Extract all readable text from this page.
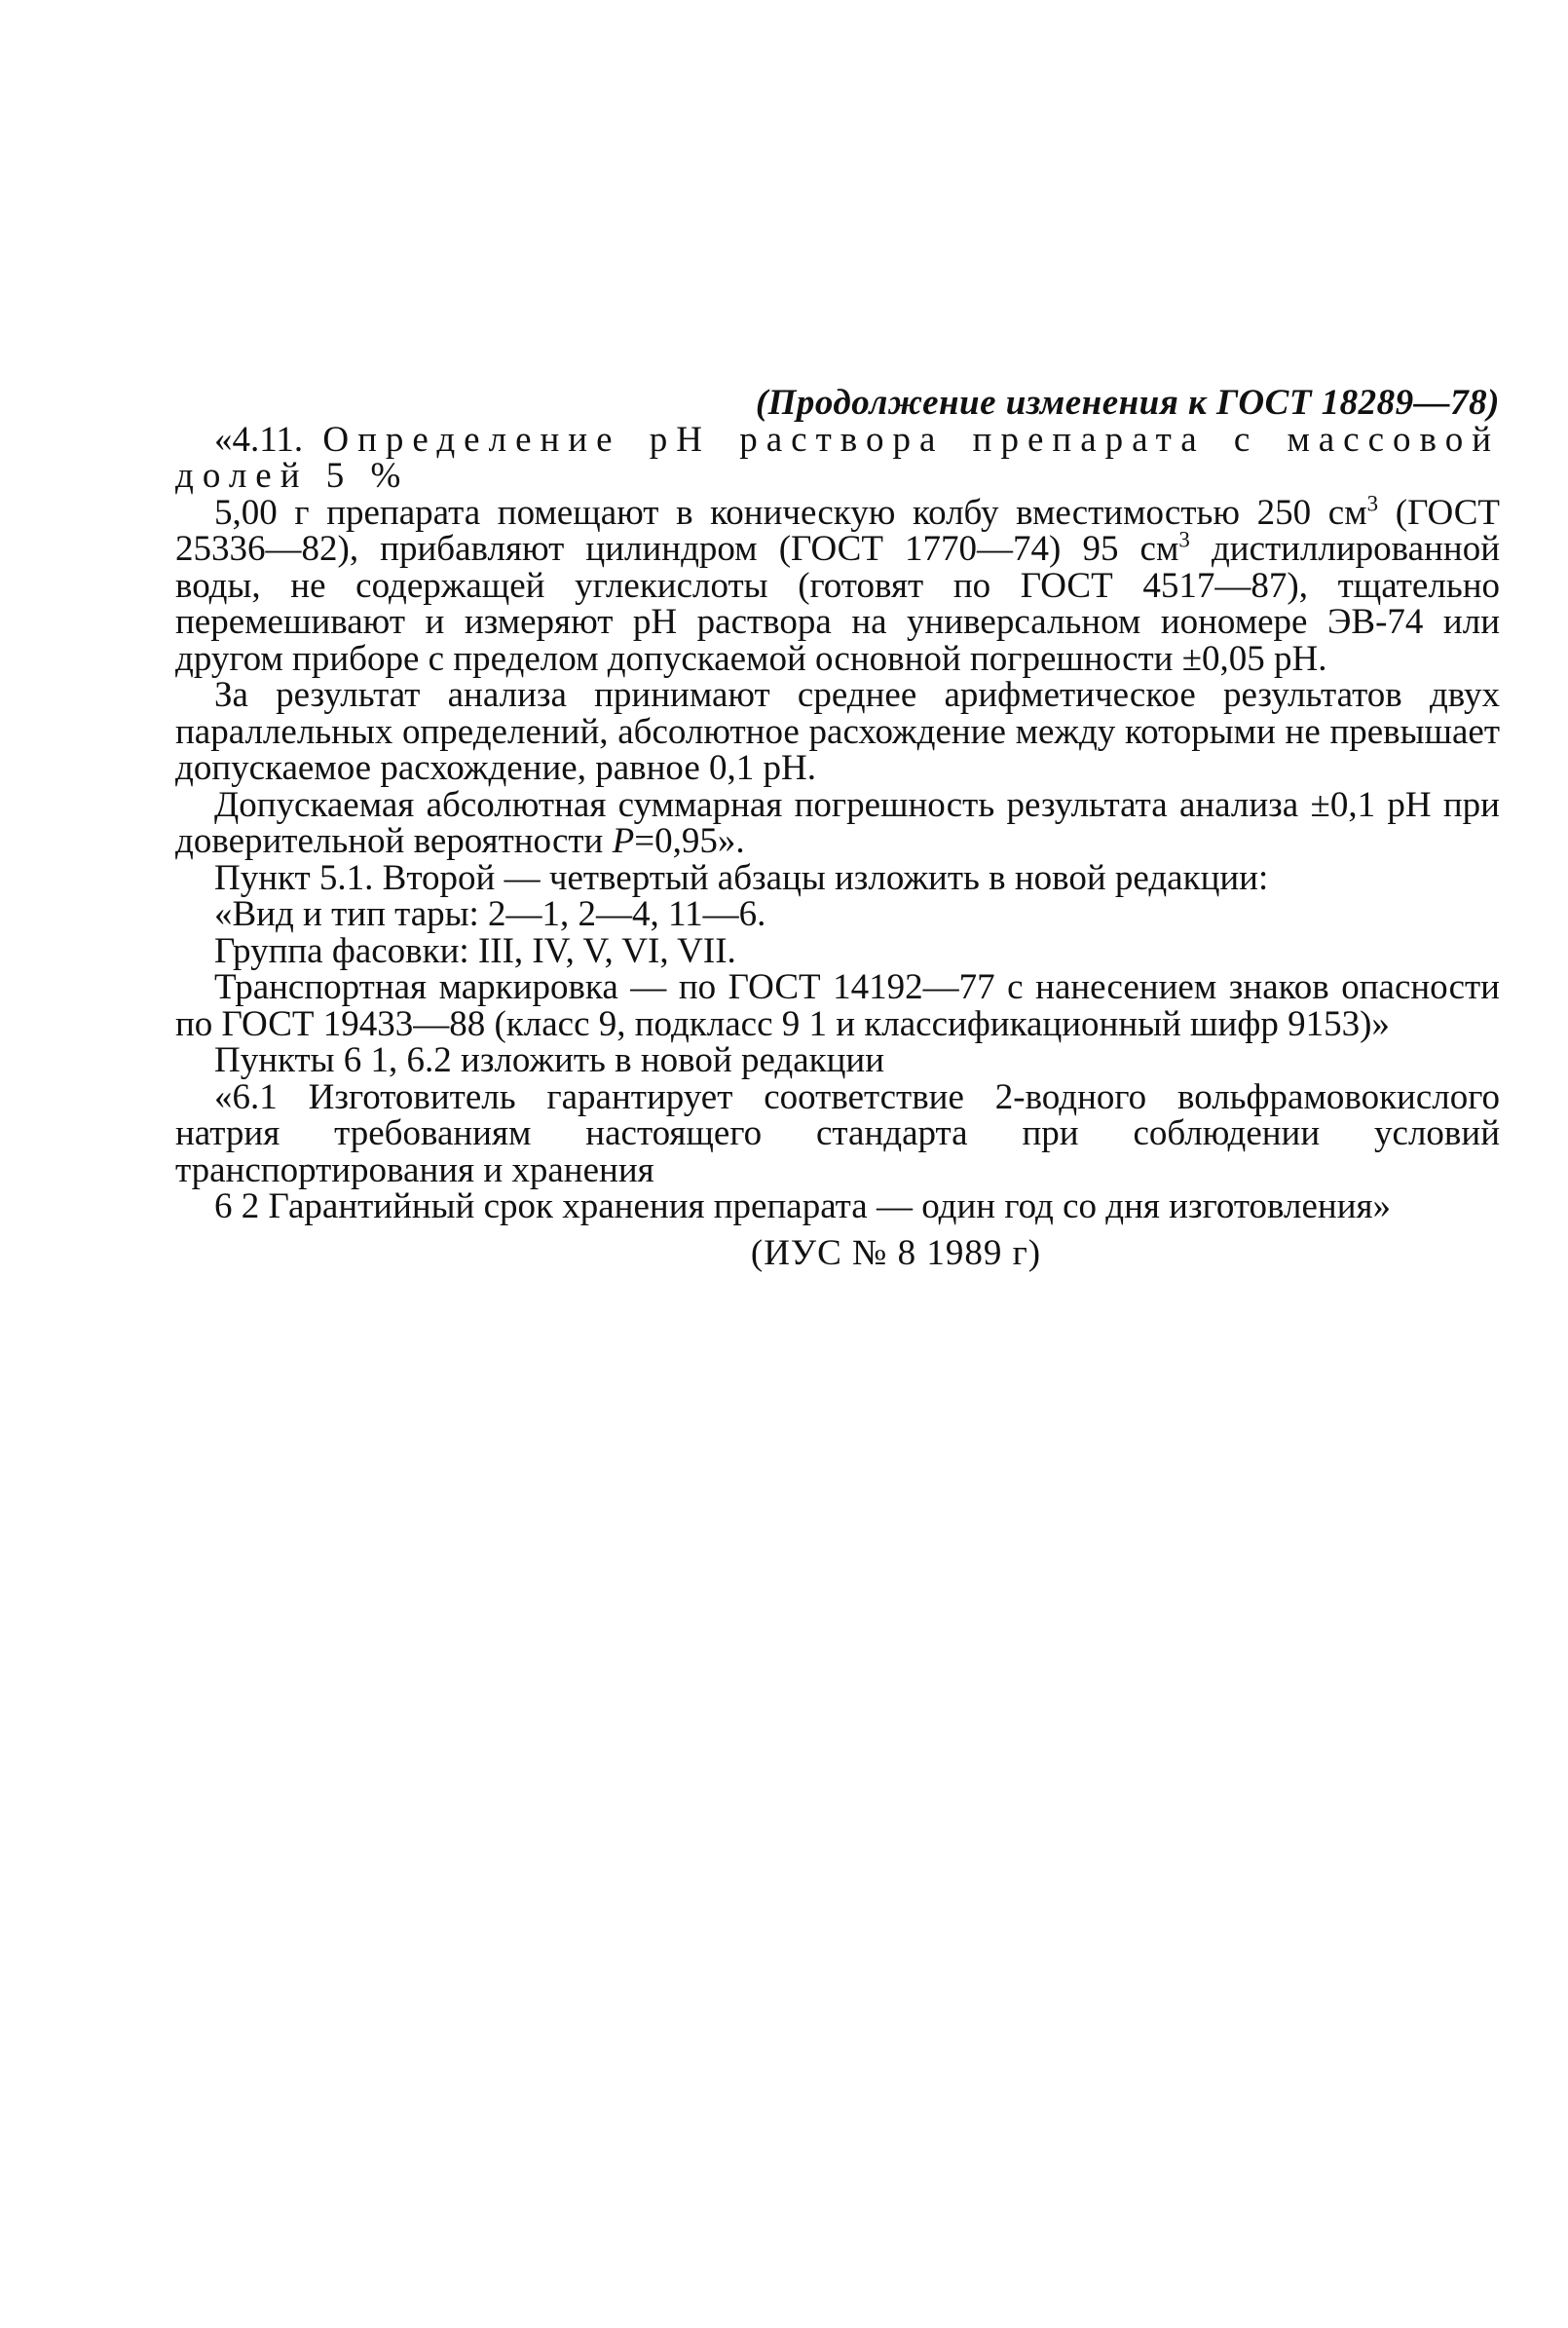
(Продолжение изменения к ГОСТ 18289—78)

«4.11. Определение pH раствора препарата с массовой долей 5 %

5,00 г препарата помещают в коническую колбу вместимостью 250 $см^3$ (ГОСТ 25336—82), прибавляют цилиндром (ГОСТ 1770—74) 95 $см^3$ дистиллированной воды, не содержащей углекислоты (готовят по ГОСТ 4517—87), тщательно перемешивают и измеряют pH раствора на универсальном иономере ЭВ-74 или другом приборе с пределом допускаемой основной погрешности ±0,05 pH.

За результат анализа принимают среднее арифметическое результатов двух параллельных определений, абсолютное расхождение между которыми не превышает допускаемое расхождение, равное 0,1 pH.

Допускаемая абсолютная суммарная погрешность результата анализа ±0,1 pH при доверительной вероятности P=0,95».

Пункт 5.1. Второй — четвертый абзацы изложить в новой редакции:

«Вид и тип тары: 2—1, 2—4, 11—6.

Группа фасовки: III, IV, V, VI, VII.

Транспортная маркировка — по ГОСТ 14192—77 с нанесением знаков опасности по ГОСТ 19433—88 (класс 9, подкласс 9 1 и классификационный шифр 9153)»

Пункты 6 1, 6.2 изложить в новой редакции

«6.1 Изготовитель гарантирует соответствие 2-водного вольфрамовокислого натрия требованиям настоящего стандарта при соблюдении условий транспортирования и хранения

6 2 Гарантийный срок хранения препарата — один год со дня изготовления»

(ИУС № 8 1989 г)
